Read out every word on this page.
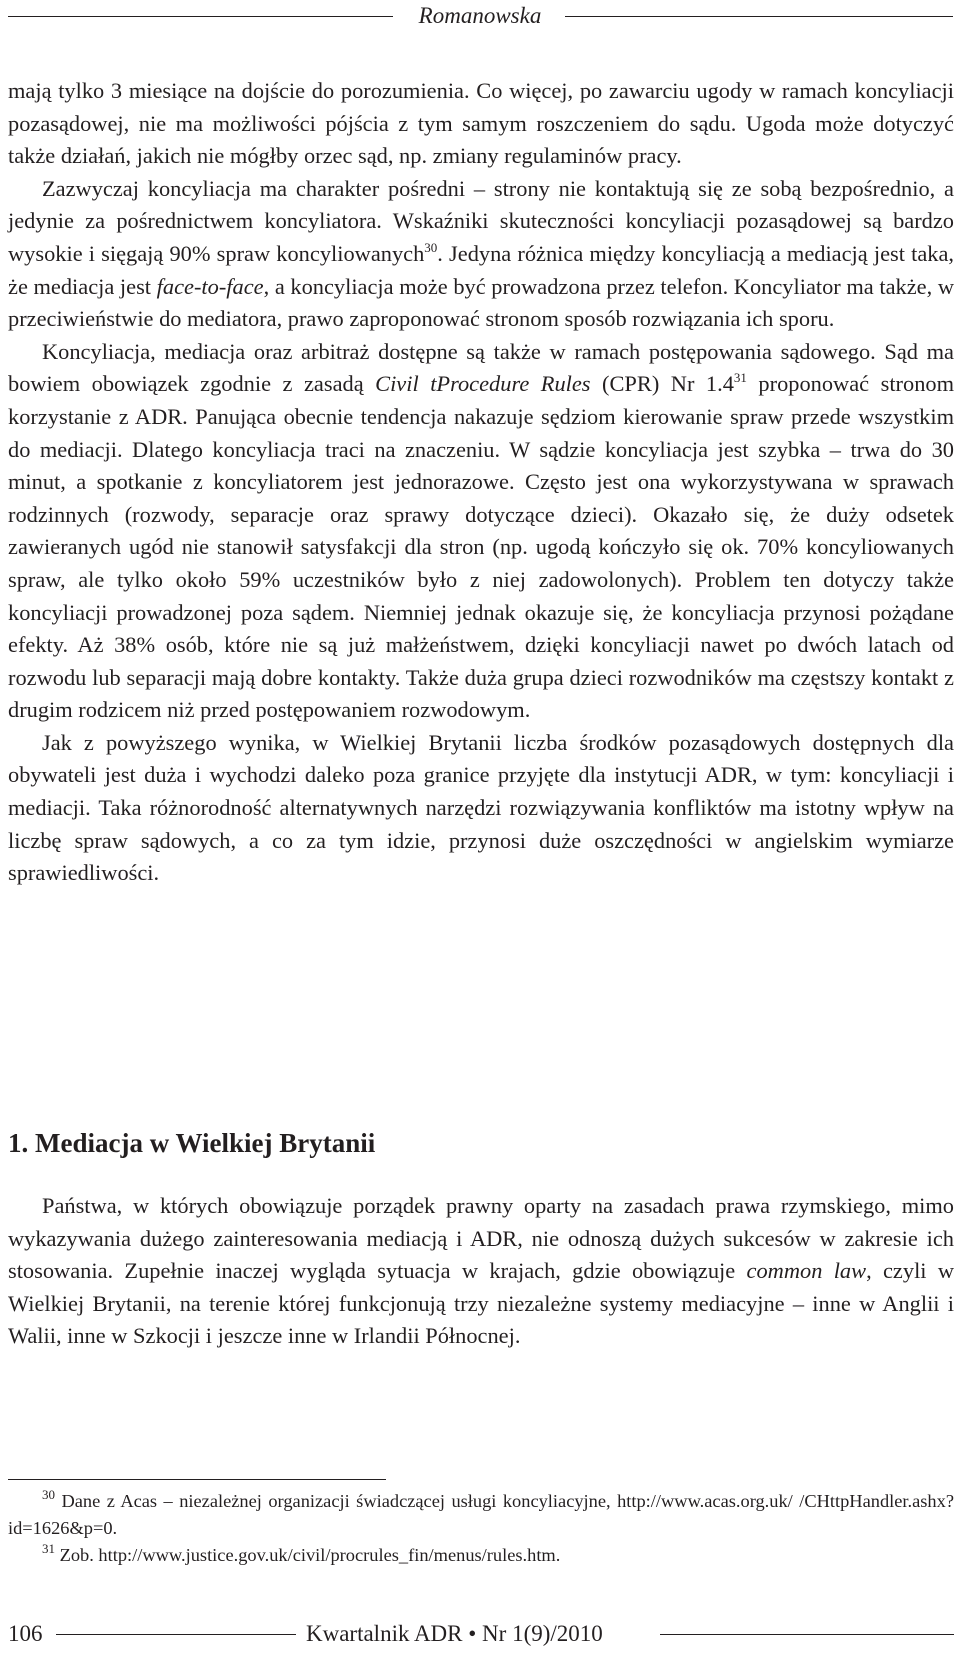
Romanowska

mają tylko 3 miesiące na dojście do porozumienia. Co więcej, po zawarciu ugody w ramach koncyliacji pozasądowej, nie ma możliwości pójścia z tym samym roszczeniem do sądu. Ugoda może dotyczyć także działań, jakich nie mógłby orzec sąd, np. zmiany regulaminów pracy.

Zazwyczaj koncyliacja ma charakter pośredni – strony nie kontaktują się ze sobą bezpośrednio, a jedynie za pośrednictwem koncyliatora. Wskaźniki skuteczności koncyliacji pozasądowej są bardzo wysokie i sięgają 90% spraw koncyliowanych$^{30}$. Jedyna różnica między koncyliacją a mediacją jest taka, że mediacja jest face-to-face, a koncyliacja może być prowadzona przez telefon. Koncyliator ma także, w przeciwieństwie do mediatora, prawo zaproponować stronom sposób rozwiązania ich sporu.

Koncyliacja, mediacja oraz arbitraż dostępne są także w ramach postępowania sądowego. Sąd ma bowiem obowiązek zgodnie z zasadą Civil tProcedure Rules (CPR) Nr $1.4^{31}$ proponować stronom korzystanie z ADR. Panująca obecnie tendencja nakazuje sędziom kierowanie spraw przede wszystkim do mediacji. Dlatego koncyliacja traci na znaczeniu. W sądzie koncyliacja jest szybka – trwa do 30 minut, a spotkanie z koncyliatorem jest jednorazowe. Często jest ona wykorzystywana w sprawach rodzinnych (rozwody, separacje oraz sprawy dotyczące dzieci). Okazało się, że duży odsetek zawieranych ugód nie stanowił satysfakcji dla stron (np. ugodą kończyło się ok. 70% koncyliowanych spraw, ale tylko około 59% uczestników było z niej zadowolonych). Problem ten dotyczy także koncyliacji prowadzonej poza sądem. Niemniej jednak okazuje się, że koncyliacja przynosi pożądane efekty. Aż 38% osób, które nie są już małżeństwem, dzięki koncyliacji nawet po dwóch latach od rozwodu lub separacji mają dobre kontakty. Także duża grupa dzieci rozwodników ma częstszy kontakt z drugim rodzicem niż przed postępowaniem rozwodowym.

Jak z powyższego wynika, w Wielkiej Brytanii liczba środków pozasądowych dostępnych dla obywateli jest duża i wychodzi daleko poza granice przyjęte dla instytucji ADR, w tym: koncyliacji i mediacji. Taka różnorodność alternatywnych narzędzi rozwiązywania konfliktów ma istotny wpływ na liczbę spraw sądowych, a co za tym idzie, przynosi duże oszczędności w angielskim wymiarze sprawiedliwości.

1. Mediacja w Wielkiej Brytanii

Państwa, w których obowiązuje porządek prawny oparty na zasadach prawa rzymskiego, mimo wykazywania dużego zainteresowania mediacją i ADR, nie odnoszą dużych sukcesów w zakresie ich stosowania. Zupełnie inaczej wygląda sytuacja w krajach, gdzie obowiązuje common law, czyli w Wielkiej Brytanii, na terenie której funkcjonują trzy niezależne systemy mediacyjne – inne w Anglii i Walii, inne w Szkocji i jeszcze inne w Irlandii Północnej.

$^{30}$ Dane z Acas – niezależnej organizacji świadczącej usługi koncyliacyjne, http://www.acas.org.uk/ /CHttpHandler.ashx?id=1626&p=0.

$^{31}$ Zob. http://www.justice.gov.uk/civil/procrules_fin/menus/rules.htm.

106	Kwartalnik ADR • Nr 1(9)/2010
